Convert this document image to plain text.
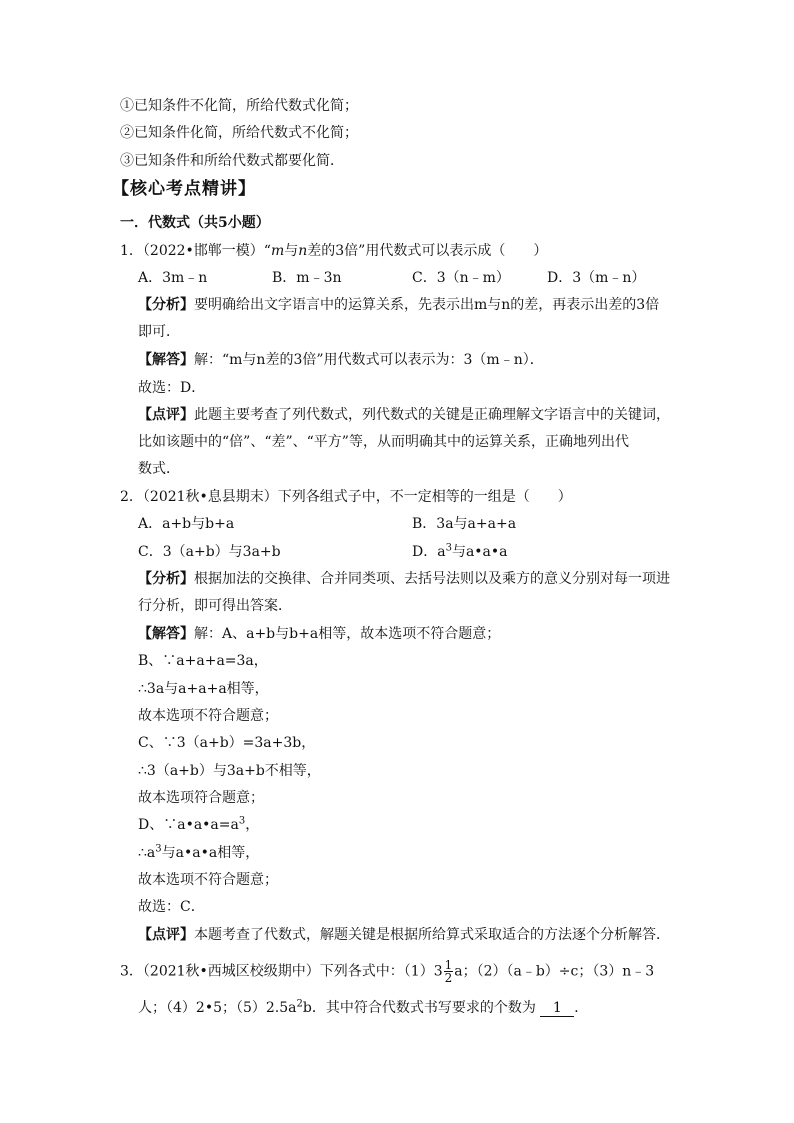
①已知条件不化简，所给代数式化简；
②已知条件化简，所给代数式不化简；
③已知条件和所给代数式都要化简．
【核心考点精讲】
一．代数式（共5小题）
1．（2022•邯郸一模）“m与n差的3倍”用代数式可以表示成（　　）
A．3m﹣n	B．m﹣3n	C．3（n﹣m）	D．3（m﹣n）
【分析】要明确给出文字语言中的运算关系，先表示出m与n的差，再表示出差的3倍
即可．
【解答】解：“m与n差的3倍”用代数式可以表示为：3（m﹣n）．
故选：D．
【点评】此题主要考查了列代数式，列代数式的关键是正确理解文字语言中的关键词，
比如该题中的“倍”、“差”、“平方”等，从而明确其中的运算关系，正确地列出代
数式．
2．（2021秋•息县期末）下列各组式子中，不一定相等的一组是（　　）
A．a+b与b+a	B．3a与a+a+a
C．3（a+b）与3a+b	D．$a^3$与a•a•a
【分析】根据加法的交换律、合并同类项、去括号法则以及乘方的意义分别对每一项进
行分析，即可得出答案．
【解答】解：A、a+b与b+a相等，故本选项不符合题意；
B、∵a+a+a=3a，
∴3a与a+a+a相等，
故本选项不符合题意；
C、∵3（a+b）=3a+3b，
∴3（a+b）与3a+b不相等，
故本选项符合题意；
D、$\because a•a•a=a^3$，
$\therefore a^3$与a•a•a相等，
故本选项不符合题意；
故选：C．
【点评】本题考查了代数式，解题关键是根据所给算式采取适合的方法逐个分析解答．
3．（2021秋•西城区校级期中）下列各式中：$(1)3 \frac{1}{2}$ a；（2）（a﹣b）÷c；（3）n﹣3
人；（4）2•5；$(5)2.5a^2b$．其中符合代数式书写要求的个数为 1 ．
